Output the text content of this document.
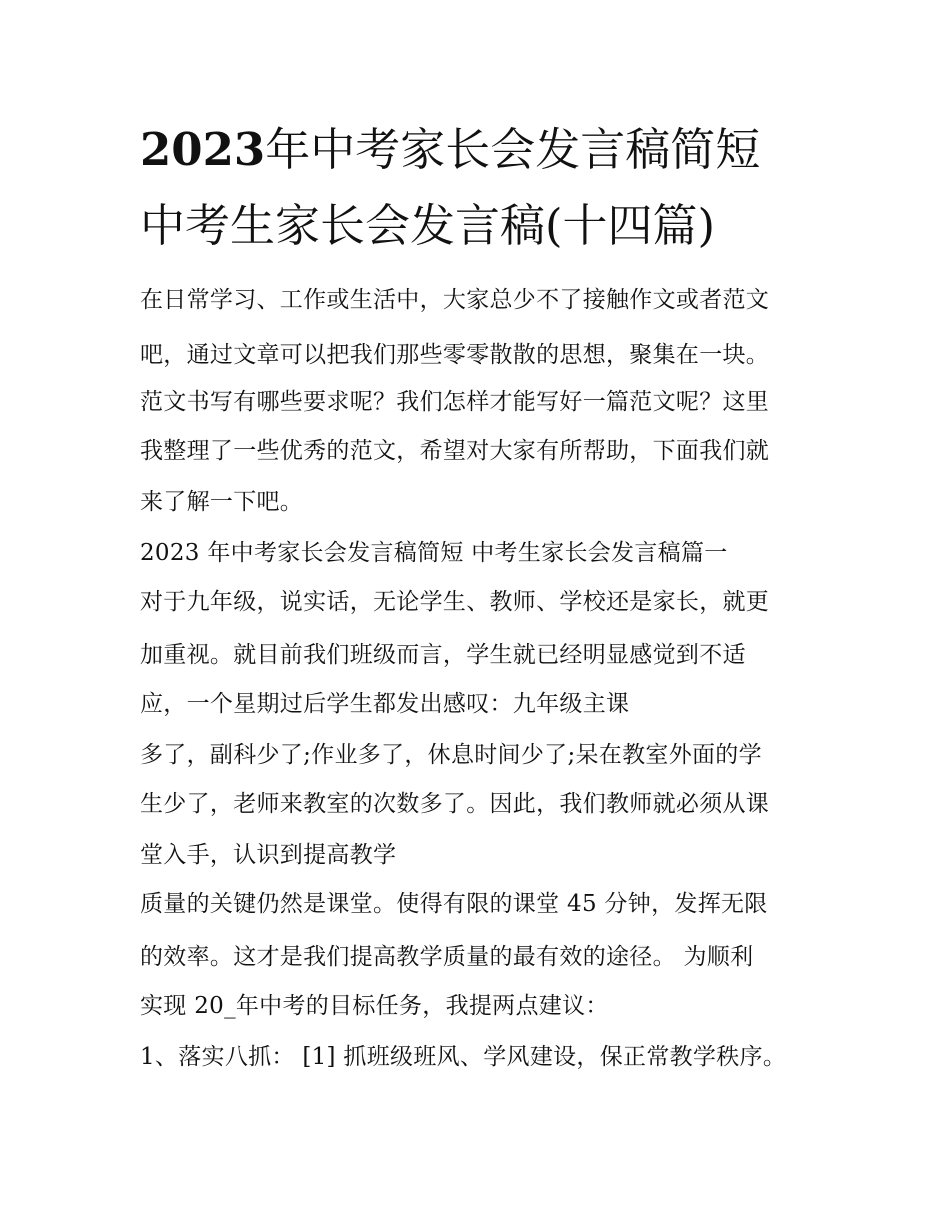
2023年中考家长会发言稿简短
中考生家长会发言稿(十四篇)

在日常学习、工作或生活中，大家总少不了接触作文或者范文

吧，通过文章可以把我们那些零零散散的思想，聚集在一块。

范文书写有哪些要求呢？我们怎样才能写好一篇范文呢？这里

我整理了一些优秀的范文，希望对大家有所帮助，下面我们就

来了解一下吧。

2023 年中考家长会发言稿简短 中考生家长会发言稿篇一

对于九年级，说实话，无论学生、教师、学校还是家长，就更

加重视。就目前我们班级而言，学生就已经明显感觉到不适

应，一个星期过后学生都发出感叹：九年级主课

多了，副科少了;作业多了，休息时间少了;呆在教室外面的学

生少了，老师来教室的次数多了。因此，我们教师就必须从课

堂入手，认识到提高教学

质量的关键仍然是课堂。使得有限的课堂 45 分钟，发挥无限

的效率。这才是我们提高教学质量的最有效的途径。 为顺利

实现 20_年中考的目标任务，我提两点建议：

1、落实八抓： [1] 抓班级班风、学风建设，保正常教学秩序。
